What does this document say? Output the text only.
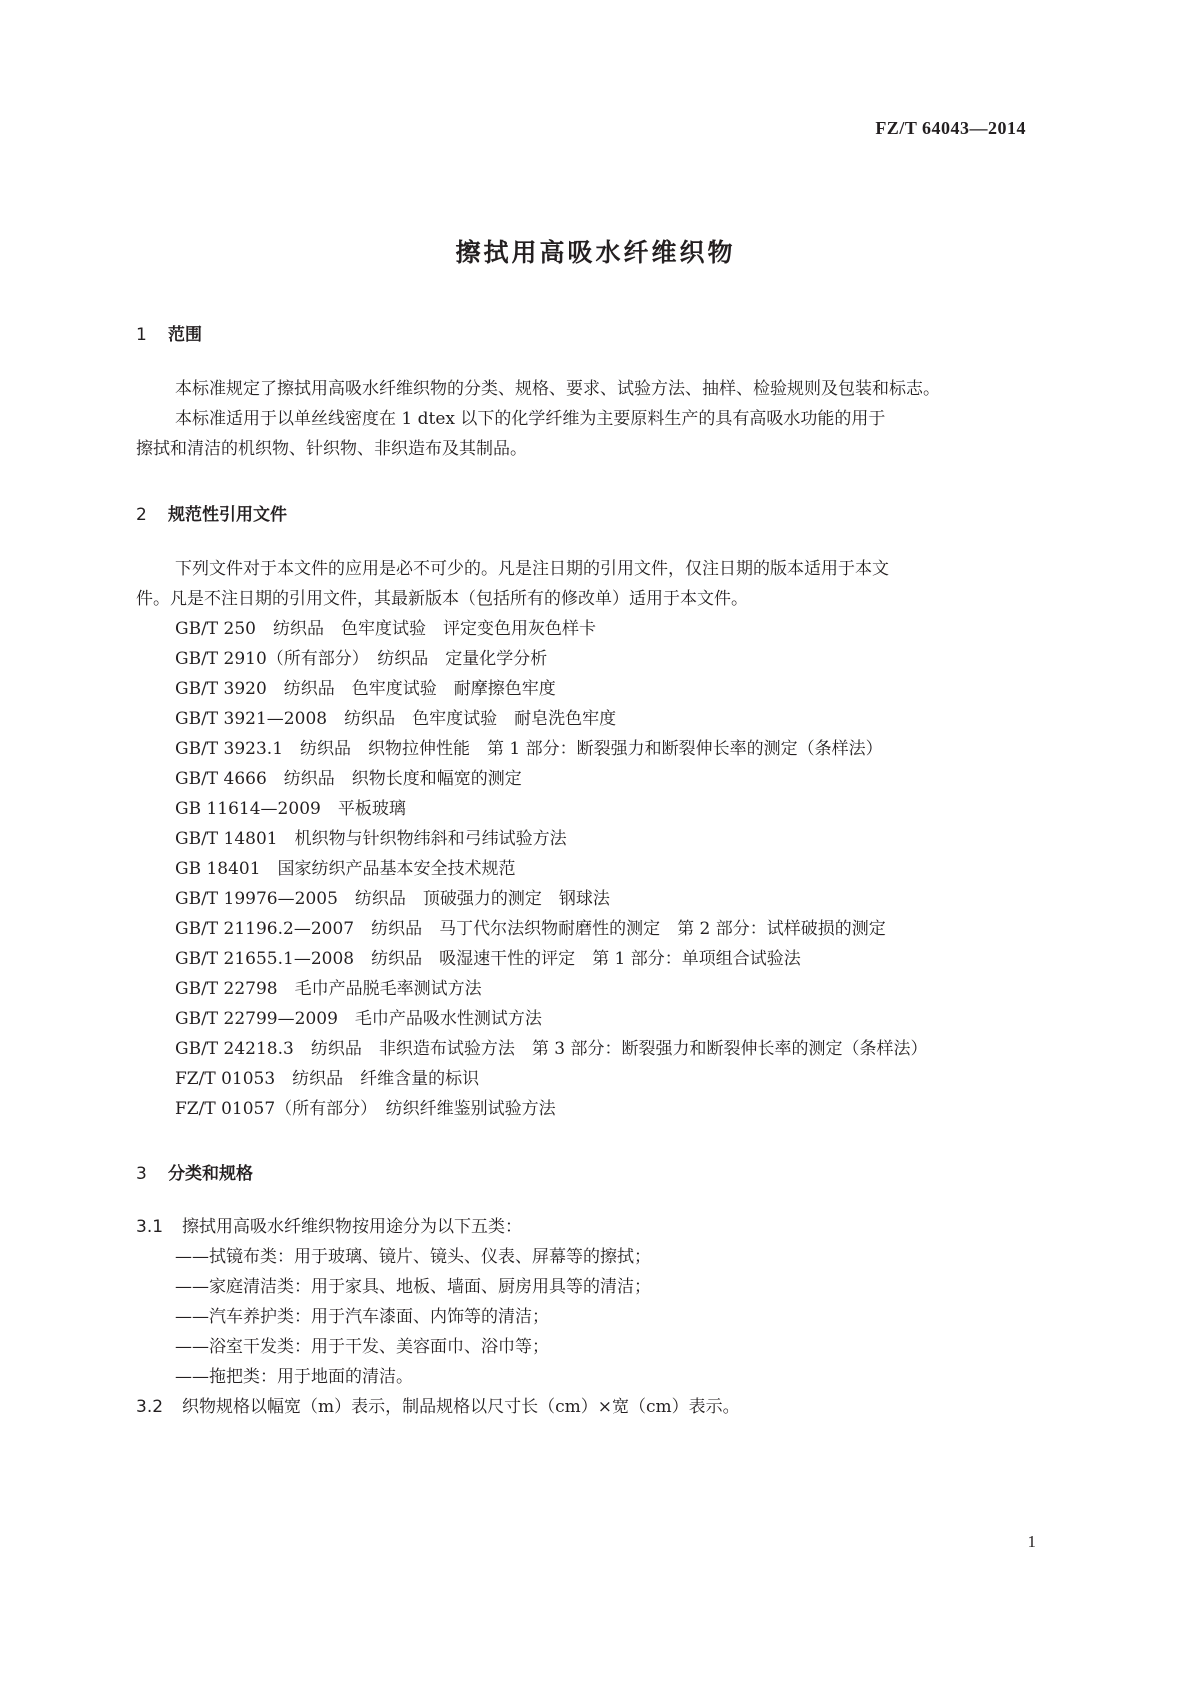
FZ/T 64043—2014

擦拭用高吸水纤维织物
1 范围

本标准规定了擦拭用高吸水纤维织物的分类、规格、要求、试验方法、抽样、检验规则及包装和标志。

本标准适用于以单丝线密度在 1 dtex 以下的化学纤维为主要原料生产的具有高吸水功能的用于

擦拭和清洁的机织物、针织物、非织造布及其制品。

2 规范性引用文件

下列文件对于本文件的应用是必不可少的。凡是注日期的引用文件，仅注日期的版本适用于本文

件。凡是不注日期的引用文件，其最新版本（包括所有的修改单）适用于本文件。

GB/T 250　纺织品　色牢度试验　评定变色用灰色样卡

GB/T 2910（所有部分）　纺织品　定量化学分析

GB/T 3920　纺织品　色牢度试验　耐摩擦色牢度

GB/T 3921—2008　纺织品　色牢度试验　耐皂洗色牢度

GB/T 3923.1　纺织品　织物拉伸性能　第 1 部分：断裂强力和断裂伸长率的测定（条样法）

GB/T 4666　纺织品　织物长度和幅宽的测定

GB 11614—2009　平板玻璃

GB/T 14801　机织物与针织物纬斜和弓纬试验方法

GB 18401　国家纺织产品基本安全技术规范

GB/T 19976—2005　纺织品　顶破强力的测定　钢球法

GB/T 21196.2—2007　纺织品　马丁代尔法织物耐磨性的测定　第 2 部分：试样破损的测定

GB/T 21655.1—2008　纺织品　吸湿速干性的评定　第 1 部分：单项组合试验法

GB/T 22798　毛巾产品脱毛率测试方法

GB/T 22799—2009　毛巾产品吸水性测试方法

GB/T 24218.3　纺织品　非织造布试验方法　第 3 部分：断裂强力和断裂伸长率的测定（条样法）

FZ/T 01053　纺织品　纤维含量的标识

FZ/T 01057（所有部分）　纺织纤维鉴别试验方法

3 分类和规格

3.1 擦拭用高吸水纤维织物按用途分为以下五类：

——拭镜布类：用于玻璃、镜片、镜头、仪表、屏幕等的擦拭；

——家庭清洁类：用于家具、地板、墙面、厨房用具等的清洁；

——汽车养护类：用于汽车漆面、内饰等的清洁；

——浴室干发类：用于干发、美容面巾、浴巾等；

——拖把类：用于地面的清洁。

3.2 织物规格以幅宽（m）表示，制品规格以尺寸长（cm）×宽（cm）表示。

1
